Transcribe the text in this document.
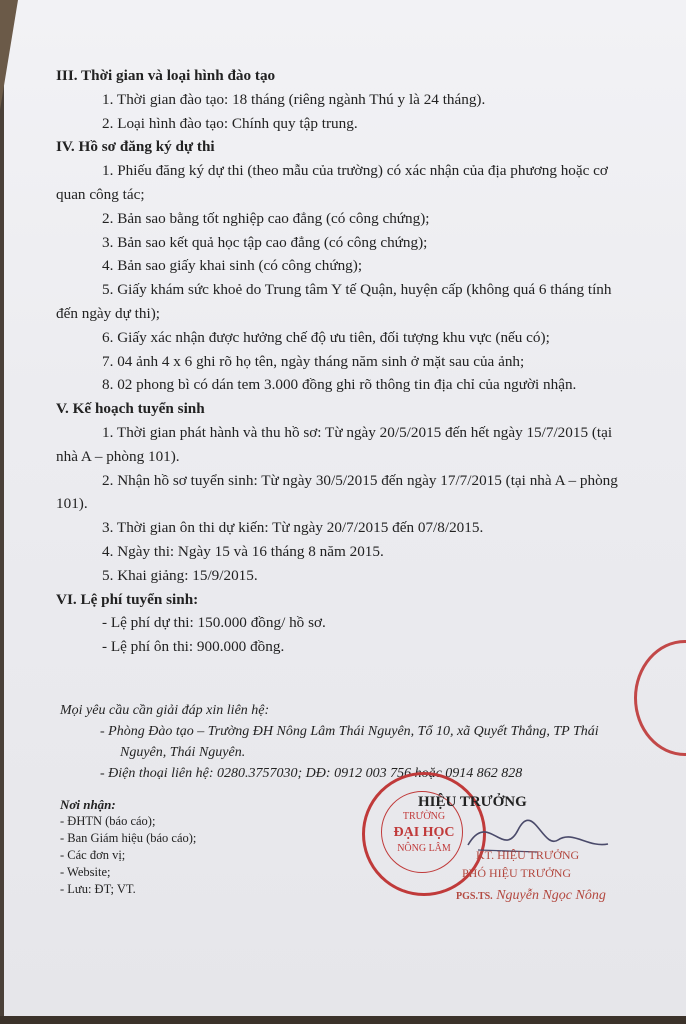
III. Thời gian và loại hình đào tạo
1. Thời gian đào tạo: 18 tháng (riêng ngành Thú y là 24 tháng).
2. Loại hình đào tạo: Chính quy tập trung.
IV. Hồ sơ đăng ký dự thi
1. Phiếu đăng ký dự thi (theo mẫu của trường) có xác nhận của địa phương hoặc cơ quan công tác;
2. Bản sao bằng tốt nghiệp cao đẳng (có công chứng);
3. Bản sao kết quả học tập cao đẳng (có công chứng);
4. Bản sao giấy khai sinh (có công chứng);
5. Giấy khám sức khoẻ do Trung tâm Y tế Quận, huyện cấp (không quá 6 tháng tính đến ngày dự thi);
6. Giấy xác nhận được hưởng chế độ ưu tiên, đối tượng khu vực (nếu có);
7. 04 ảnh 4 x 6 ghi rõ họ tên, ngày tháng năm sinh ở mặt sau của ảnh;
8. 02 phong bì có dán tem 3.000 đồng ghi rõ thông tin địa chỉ của người nhận.
V. Kế hoạch tuyển sinh
1. Thời gian phát hành và thu hồ sơ: Từ ngày 20/5/2015 đến hết ngày 15/7/2015 (tại nhà A – phòng 101).
2. Nhận hồ sơ tuyển sinh: Từ ngày 30/5/2015 đến ngày 17/7/2015 (tại nhà A – phòng 101).
3. Thời gian ôn thi dự kiến: Từ ngày 20/7/2015 đến 07/8/2015.
4. Ngày thi: Ngày 15 và 16 tháng 8 năm 2015.
5. Khai giảng: 15/9/2015.
VI. Lệ phí tuyển sinh:
- Lệ phí dự thi: 150.000 đồng/ hồ sơ.
- Lệ phí ôn thi: 900.000 đồng.
Mọi yêu cầu cần giải đáp xin liên hệ:
- Phòng Đào tạo – Trường ĐH Nông Lâm Thái Nguyên, Tổ 10, xã Quyết Thắng, TP Thái Nguyên, Thái Nguyên.
- Điện thoại liên hệ: 0280.3757030; DĐ: 0912 003 756 hoặc 0914 862 828
Nơi nhận:
- ĐHTN (báo cáo);
- Ban Giám hiệu (báo cáo);
- Các đơn vị;
- Website;
- Lưu: ĐT; VT.
TRƯỜNG
ĐẠI HỌC
NÔNG LÂM
HIỆU TRƯỞNG
KT. HIỆU TRƯỞNG
PHÓ HIỆU TRƯỞNG
PGS.TS. Nguyễn Ngọc Nông
